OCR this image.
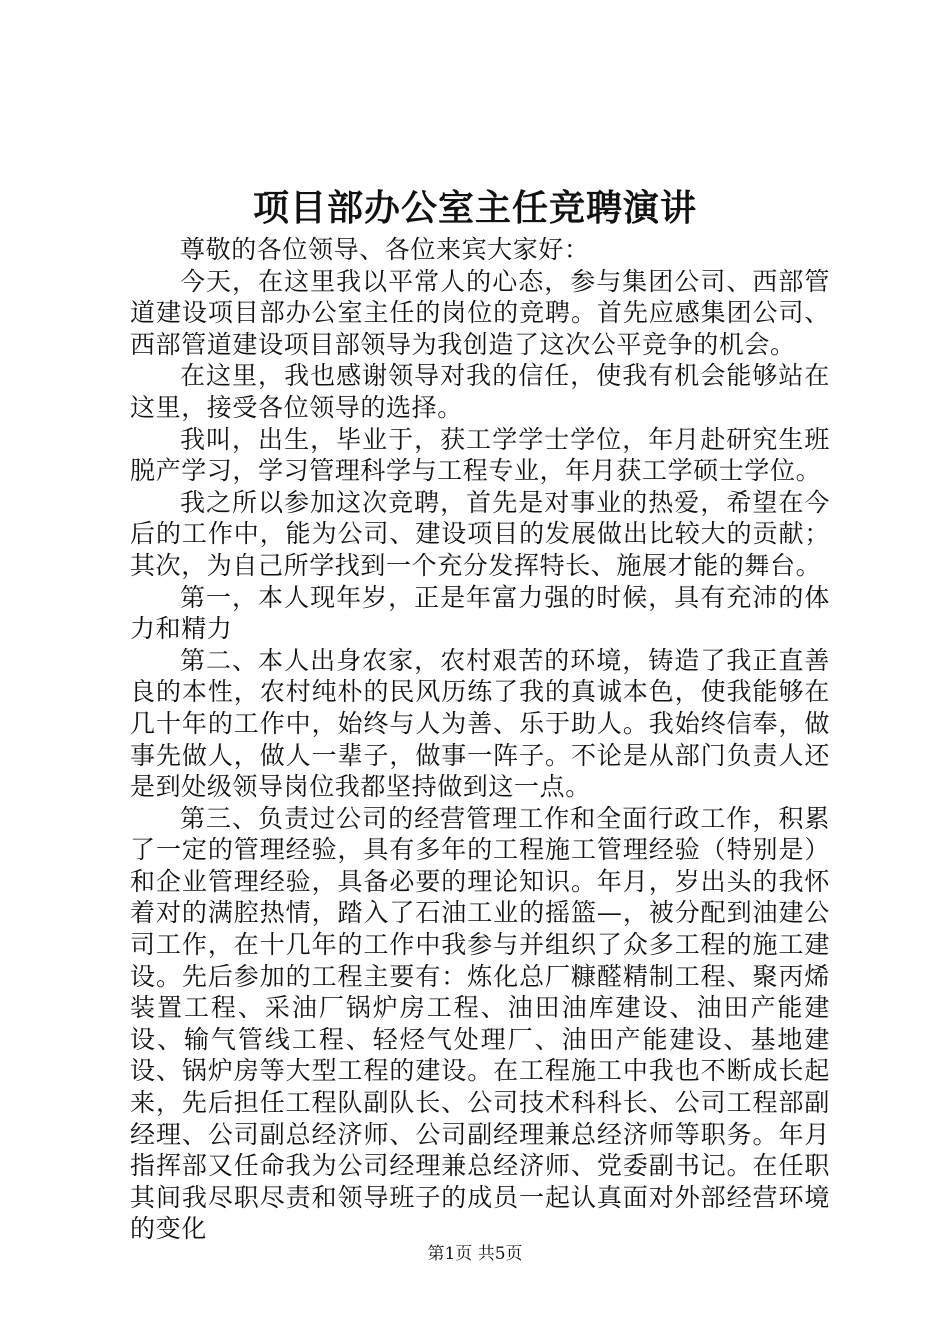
项目部办公室主任竞聘演讲

尊敬的各位领导、各位来宾大家好：

今天，在这里我以平常人的心态，参与集团公司、西部管道建设项目部办公室主任的岗位的竞聘。首先应感集团公司、西部管道建设项目部领导为我创造了这次公平竞争的机会。

在这里，我也感谢领导对我的信任，使我有机会能够站在这里，接受各位领导的选择。

我叫，出生，毕业于，获工学学士学位，年月赴研究生班脱产学习，学习管理科学与工程专业，年月获工学硕士学位。

我之所以参加这次竞聘，首先是对事业的热爱，希望在今后的工作中，能为公司、建设项目的发展做出比较大的贡献；其次，为自己所学找到一个充分发挥特长、施展才能的舞台。

第一，本人现年岁，正是年富力强的时候，具有充沛的体力和精力

第二、本人出身农家，农村艰苦的环境，铸造了我正直善良的本性，农村纯朴的民风历练了我的真诚本色，使我能够在几十年的工作中，始终与人为善、乐于助人。我始终信奉，做事先做人，做人一辈子，做事一阵子。不论是从部门负责人还是到处级领导岗位我都坚持做到这一点。

第三、负责过公司的经营管理工作和全面行政工作，积累了一定的管理经验，具有多年的工程施工管理经验（特别是）和企业管理经验，具备必要的理论知识。年月，岁出头的我怀着对的满腔热情，踏入了石油工业的摇篮—，被分配到油建公司工作，在十几年的工作中我参与并组织了众多工程的施工建设。先后参加的工程主要有：炼化总厂糠醛精制工程、聚丙烯装置工程、采油厂锅炉房工程、油田油库建设、油田产能建设、输气管线工程、轻烃气处理厂、油田产能建设、基地建设、锅炉房等大型工程的建设。在工程施工中我也不断成长起来，先后担任工程队副队长、公司技术科科长、公司工程部副经理、公司副总经济师、公司副经理兼总经济师等职务。年月指挥部又任命我为公司经理兼总经济师、党委副书记。在任职其间我尽职尽责和领导班子的成员一起认真面对外部经营环境的变化

第1页 共5页
